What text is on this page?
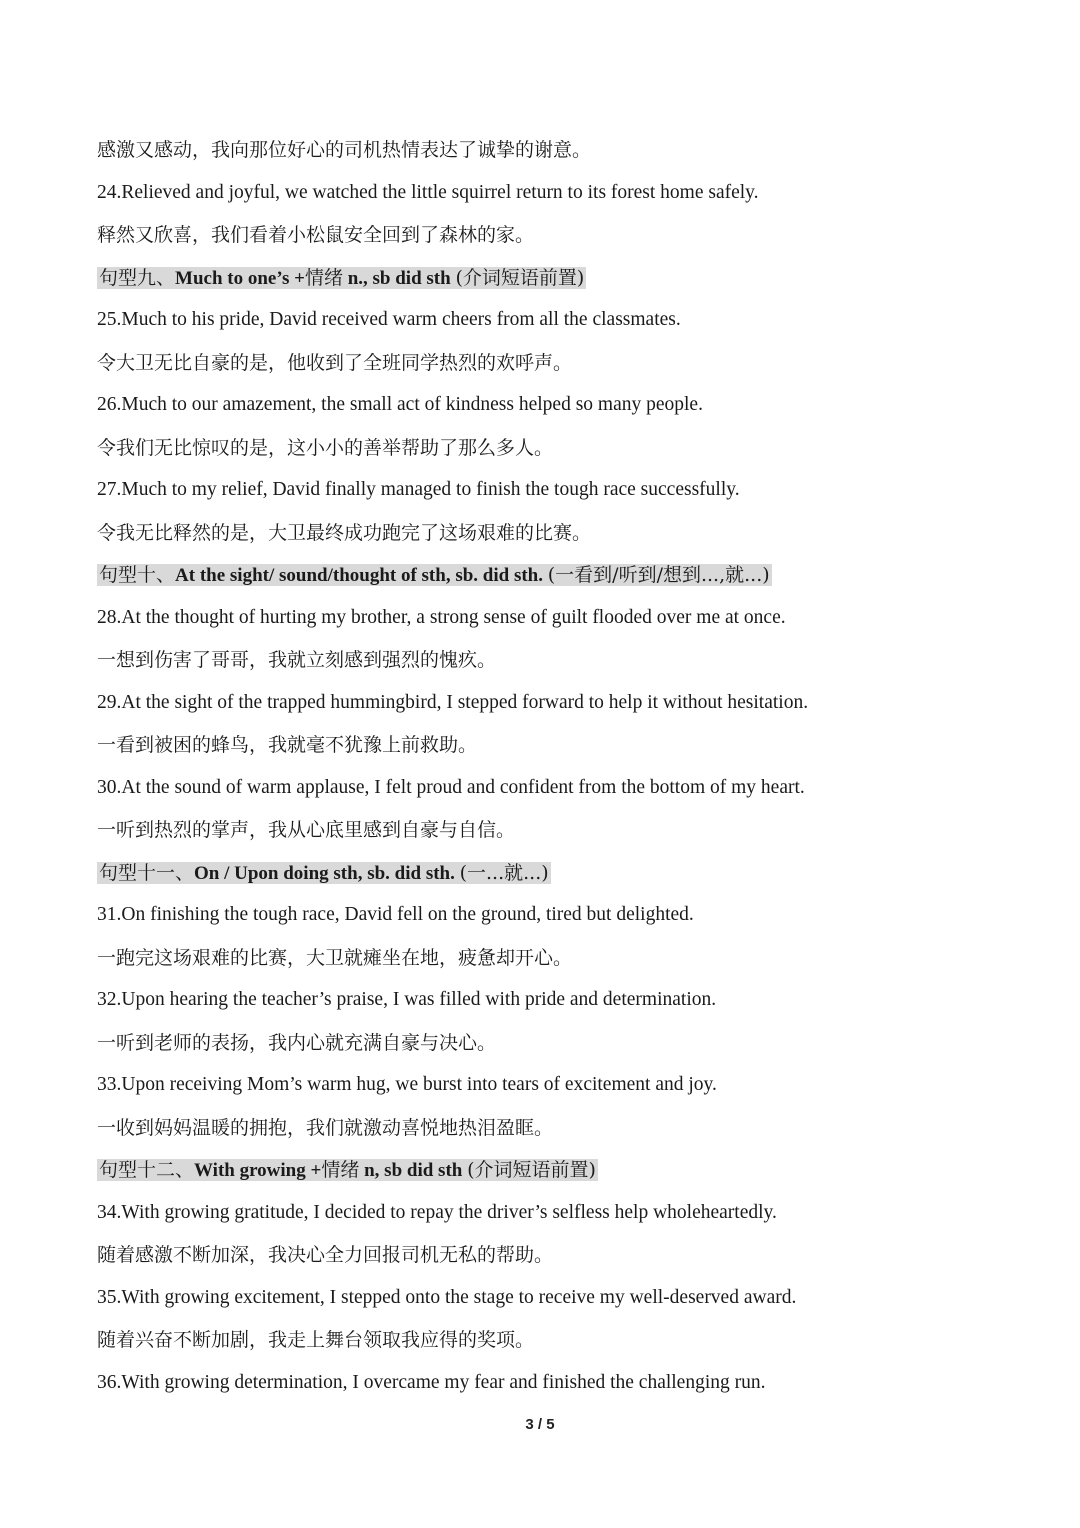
感激又感动，我向那位好心的司机热情表达了诚挚的谢意。
24.Relieved and joyful, we watched the little squirrel return to its forest home safely.
释然又欣喜，我们看着小松鼠安全回到了森林的家。
句型九、Much to one’s +情绪 n., sb did sth (介词短语前置)
25.Much to his pride, David received warm cheers from all the classmates.
令大卫无比自豪的是，他收到了全班同学热烈的欢呼声。
26.Much to our amazement, the small act of kindness helped so many people.
令我们无比惊叹的是，这小小的善举帮助了那么多人。
27.Much to my relief, David finally managed to finish the tough race successfully.
令我无比释然的是，大卫最终成功跑完了这场艰难的比赛。
句型十、At the sight/ sound/thought of sth, sb. did sth. (一看到/听到/想到...,就...)
28.At the thought of hurting my brother, a strong sense of guilt flooded over me at once.
一想到伤害了哥哥，我就立刻感到强烈的愧疚。
29.At the sight of the trapped hummingbird, I stepped forward to help it without hesitation.
一看到被困的蜂鸟，我就毫不犹豫上前救助。
30.At the sound of warm applause, I felt proud and confident from the bottom of my heart.
一听到热烈的掌声，我从心底里感到自豪与自信。
句型十一、On / Upon doing sth, sb. did sth. (一...就...)
31.On finishing the tough race, David fell on the ground, tired but delighted.
一跑完这场艰难的比赛，大卫就瘫坐在地，疲惫却开心。
32.Upon hearing the teacher’s praise, I was filled with pride and determination.
一听到老师的表扬，我内心就充满自豪与决心。
33.Upon receiving Mom’s warm hug, we burst into tears of excitement and joy.
一收到妈妈温暖的拥抱，我们就激动喜悦地热泪盈眶。
句型十二、With growing +情绪 n, sb did sth (介词短语前置)
34.With growing gratitude, I decided to repay the driver’s selfless help wholeheartedly.
随着感激不断加深，我决心全力回报司机无私的帮助。
35.With growing excitement, I stepped onto the stage to receive my well-deserved award.
随着兴奋不断加剧，我走上舞台领取我应得的奖项。
36.With growing determination, I overcame my fear and finished the challenging run.
3 / 5
